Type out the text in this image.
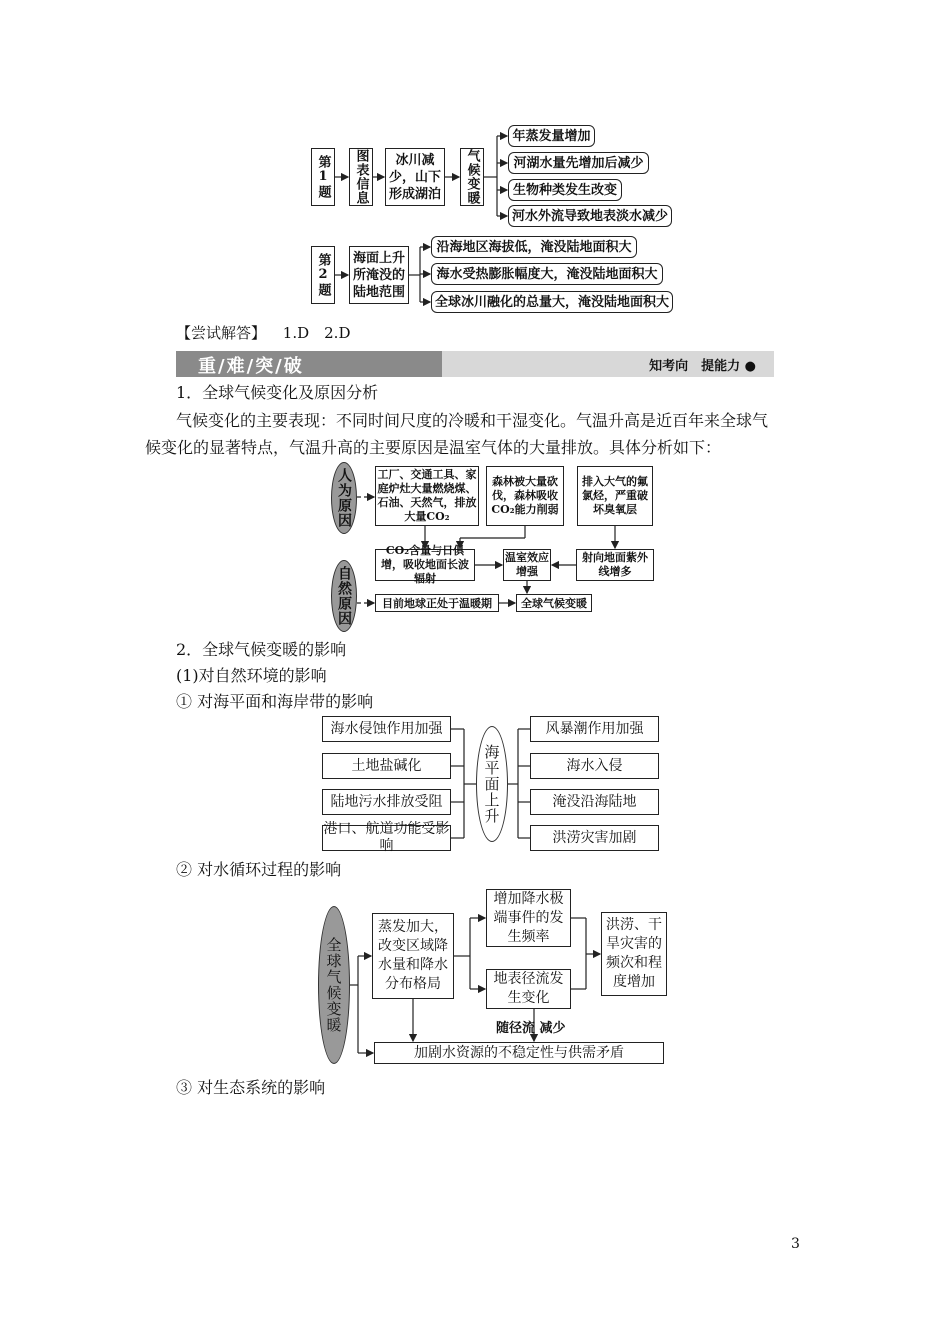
第1题	图表信息	冰川减少，山下形成湖泊	气候变暖
年蒸发量增加
河湖水量先增加后减少
生物种类发生改变
河水外流导致地表淡水减少
第2题	海面上升所淹没的陆地范围
沿海地区海拔低，淹没陆地面积大
海水受热膨胀幅度大，淹没陆地面积大
全球冰川融化的总量大，淹没陆地面积大
【尝试解答】 1.D　2.D
重/难/突/破	知考向　提能力 ●
1．全球气候变化及原因分析
气候变化的主要表现：不同时间尺度的冷暖和干湿变化。气温升高是近百年来全球气
候变化的显著特点，气温升高的主要原因是温室气体的大量排放。具体分析如下：
人为原因
自然原因
工厂、交通工具、家庭炉灶大量燃烧煤、石油、天然气，排放大量CO₂
森林被大量砍伐，森林吸收CO₂能力削弱
排入大气的氟氯烃，严重破坏臭氧层
CO₂含量与日俱增，吸收地面长波辐射
温室效应增强
射向地面紫外线增多
目前地球正处于温暖期	全球气候变暖
2．全球气候变暖的影响
(1)对自然环境的影响
① 对海平面和海岸带的影响
② 对水循环过程的影响
③ 对生态系统的影响
海水侵蚀作用加强
土地盐碱化
陆地污水排放受阻
港口、航道功能受影响
海平面上升
风暴潮作用加强
海水入侵
淹没沿海陆地
洪涝灾害加剧
全球气候变暖
蒸发加大，改变区域降水量和降水分布格局
增加降水极端事件的发生频率
洪涝、干旱灾害的频次和程度增加
地表径流发生变化
随径流 减少
加剧水资源的不稳定性与供需矛盾
3
